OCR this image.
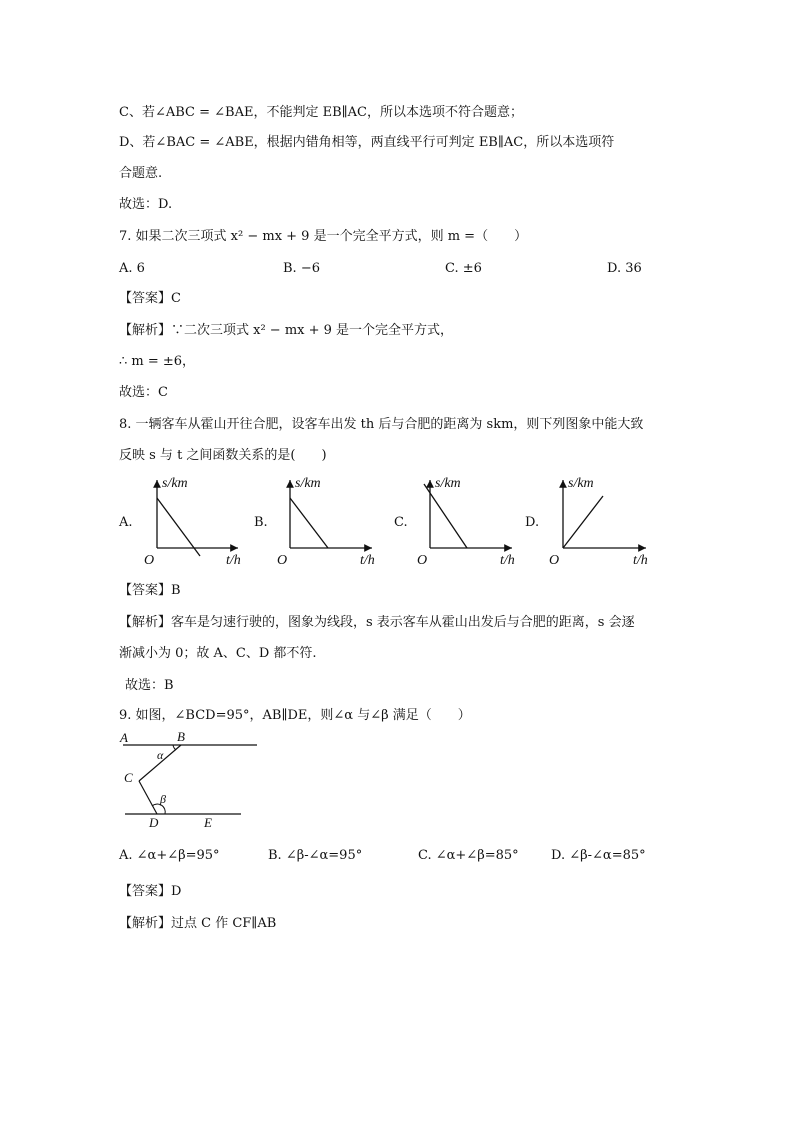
C、若∠ABC = ∠BAE，不能判定 EB∥AC，所以本选项不符合题意；
D、若∠BAC = ∠ABE，根据内错角相等，两直线平行可判定 EB∥AC，所以本选项符
合题意.
故选：D.
7. 如果二次三项式 x² − mx + 9 是一个完全平方式，则 m =（　　）
A. 6	B. −6	C. ±6	D. 36
【答案】C
【解析】∵二次三项式 x² − mx + 9 是一个完全平方式，
∴ m = ±6，
故选：C
8. 一辆客车从霍山开往合肥，设客车出发 th 后与合肥的距离为 skm，则下列图象中能大致
反映 s 与 t 之间函数关系的是(　　)
A.	B.	C.	D.
s/km
O	t/h
s/km
O	t/h
s/km
O	t/h
s/km
O	t/h
【答案】B
【解析】客车是匀速行驶的，图象为线段，s 表示客车从霍山出发后与合肥的距离，s 会逐
渐减小为 0；故 A、C、D 都不符.
故选：B
9. 如图，∠BCD=95°，AB∥DE，则∠α 与∠β 满足（　　）
A	B
C
D	E
α
β
A. ∠α+∠β=95°	B. ∠β-∠α=95°	C. ∠α+∠β=85° D. ∠β-∠α=85°
【答案】D
【解析】过点 C 作 CF∥AB
